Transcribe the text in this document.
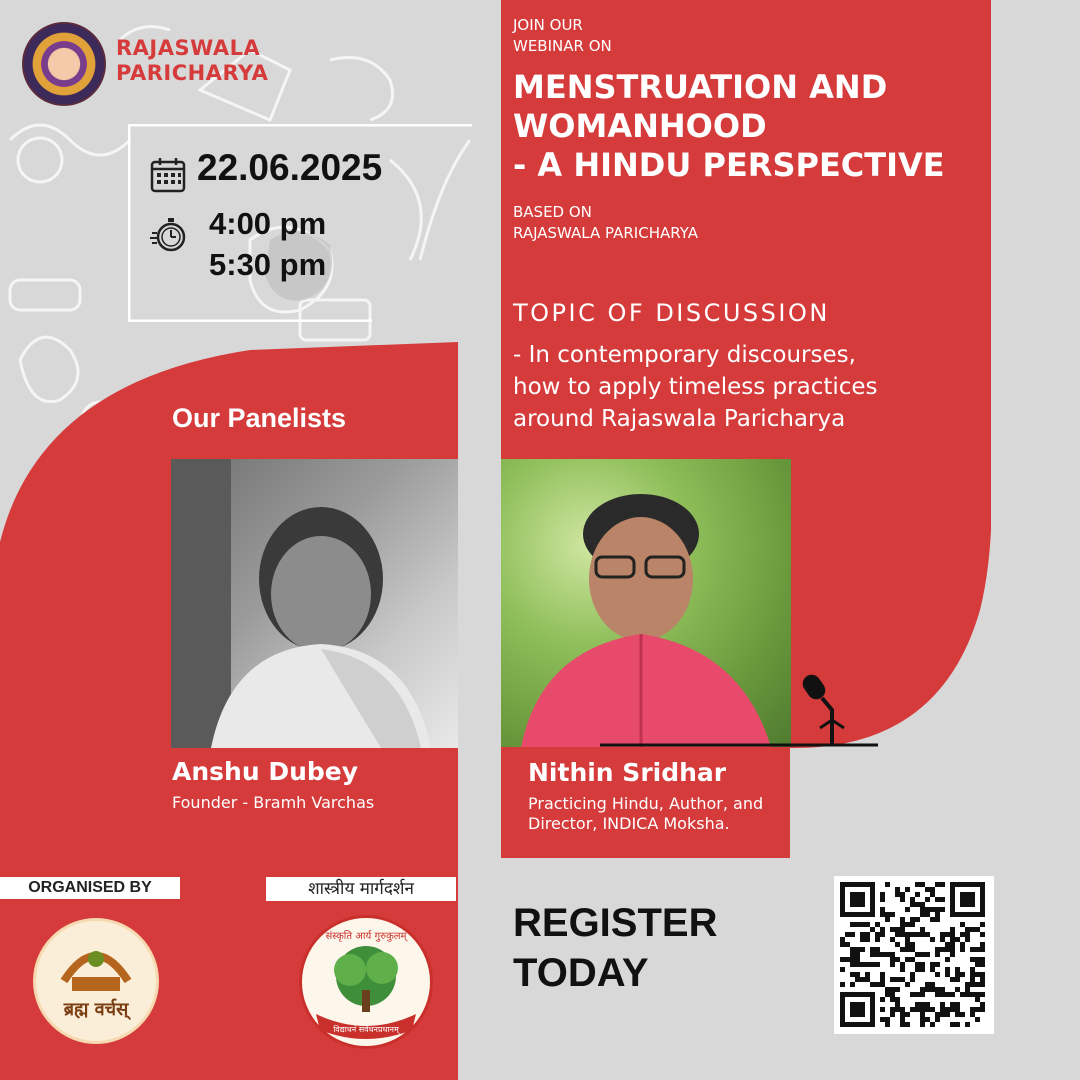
RAJASWALA
PARICHARYA
22.06.2025
4:00 pm
5:30 pm
JOIN OUR
WEBINAR ON
MENSTRUATION AND
WOMANHOOD
- A HINDU PERSPECTIVE
BASED ON
RAJASWALA PARICHARYA
TOPIC OF DISCUSSION
- In contemporary discourses,
how to apply timeless practices
around Rajaswala Paricharya
Our Panelists
Anshu Dubey
Founder - Bramh Varchas
Nithin Sridhar
Practicing Hindu, Author, and
Director, INDICA Moksha.
ORGANISED BY	शास्त्रीय मार्गदर्शन
ब्रह्म वर्चस्
संस्कृति आर्य गुरुकुलम्
विद्याधनं सर्वधनप्रधानम्
REGISTER
TODAY
